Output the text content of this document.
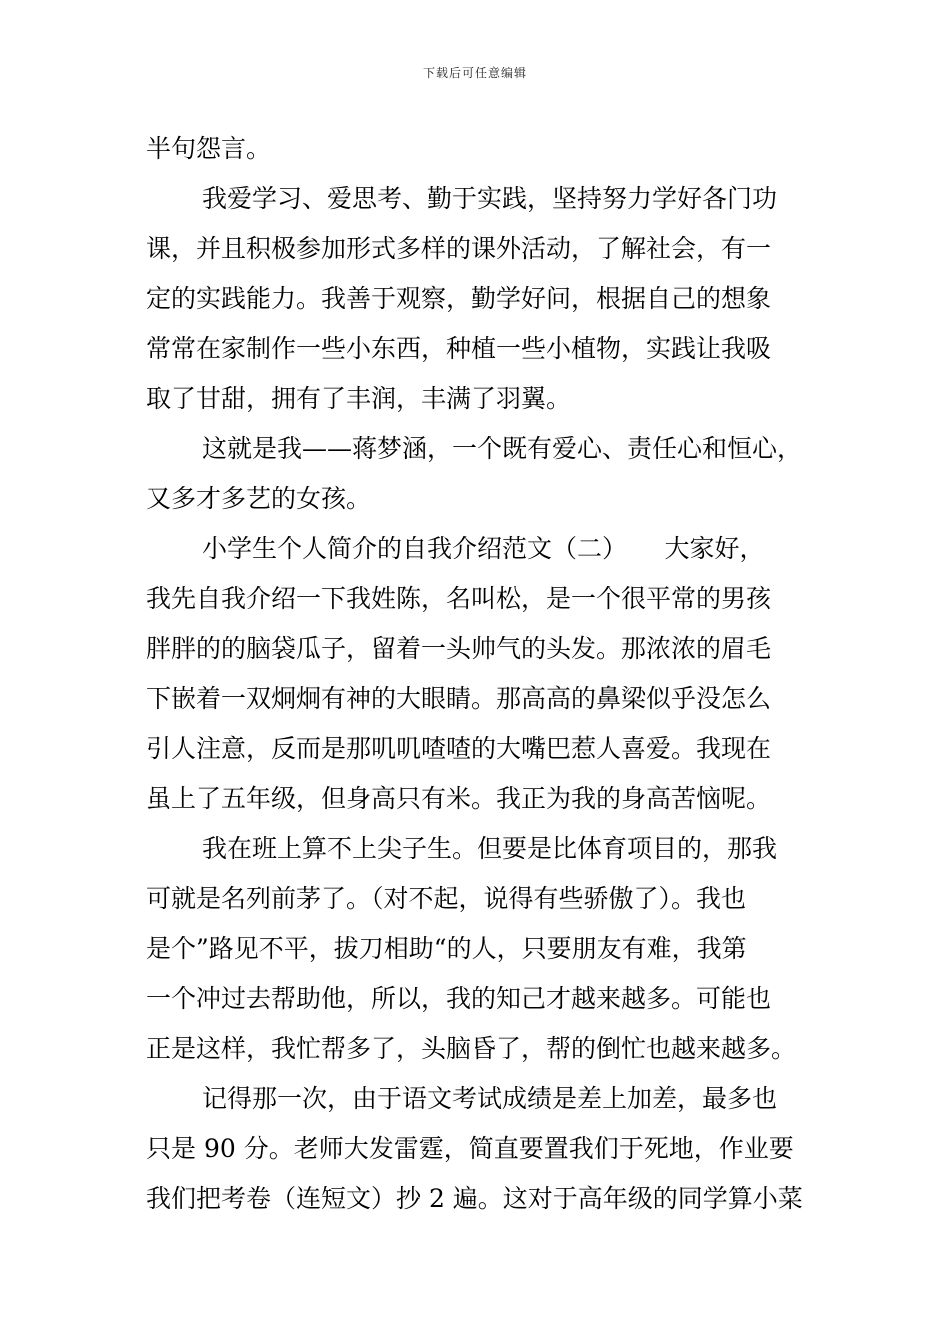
下载后可任意编辑
半句怨言。
我爱学习、爱思考、勤于实践，坚持努力学好各门功
课，并且积极参加形式多样的课外活动，了解社会，有一
定的实践能力。我善于观察，勤学好问，根据自己的想象
常常在家制作一些小东西，种植一些小植物，实践让我吸
取了甘甜，拥有了丰润，丰满了羽翼。
这就是我——蒋梦涵，一个既有爱心、责任心和恒心，
又多才多艺的女孩。
小学生个人简介的自我介绍范文（二）　　大家好，
我先自我介绍一下我姓陈，名叫松，是一个很平常的男孩
胖胖的的脑袋瓜子，留着一头帅气的头发。那浓浓的眉毛
下嵌着一双炯炯有神的大眼睛。那高高的鼻梁似乎没怎么
引人注意，反而是那叽叽喳喳的大嘴巴惹人喜爱。我现在
虽上了五年级，但身高只有米。我正为我的身高苦恼呢。
我在班上算不上尖子生。但要是比体育项目的，那我
可就是名列前茅了。（对不起，说得有些骄傲了）。我也
是个”路见不平，拔刀相助“的人，只要朋友有难，我第
一个冲过去帮助他，所以，我的知己才越来越多。可能也
正是这样，我忙帮多了，头脑昏了，帮的倒忙也越来越多。
记得那一次，由于语文考试成绩是差上加差，最多也
只是 90 分。老师大发雷霆，简直要置我们于死地，作业要
我们把考卷（连短文）抄 2 遍。这对于高年级的同学算小菜
